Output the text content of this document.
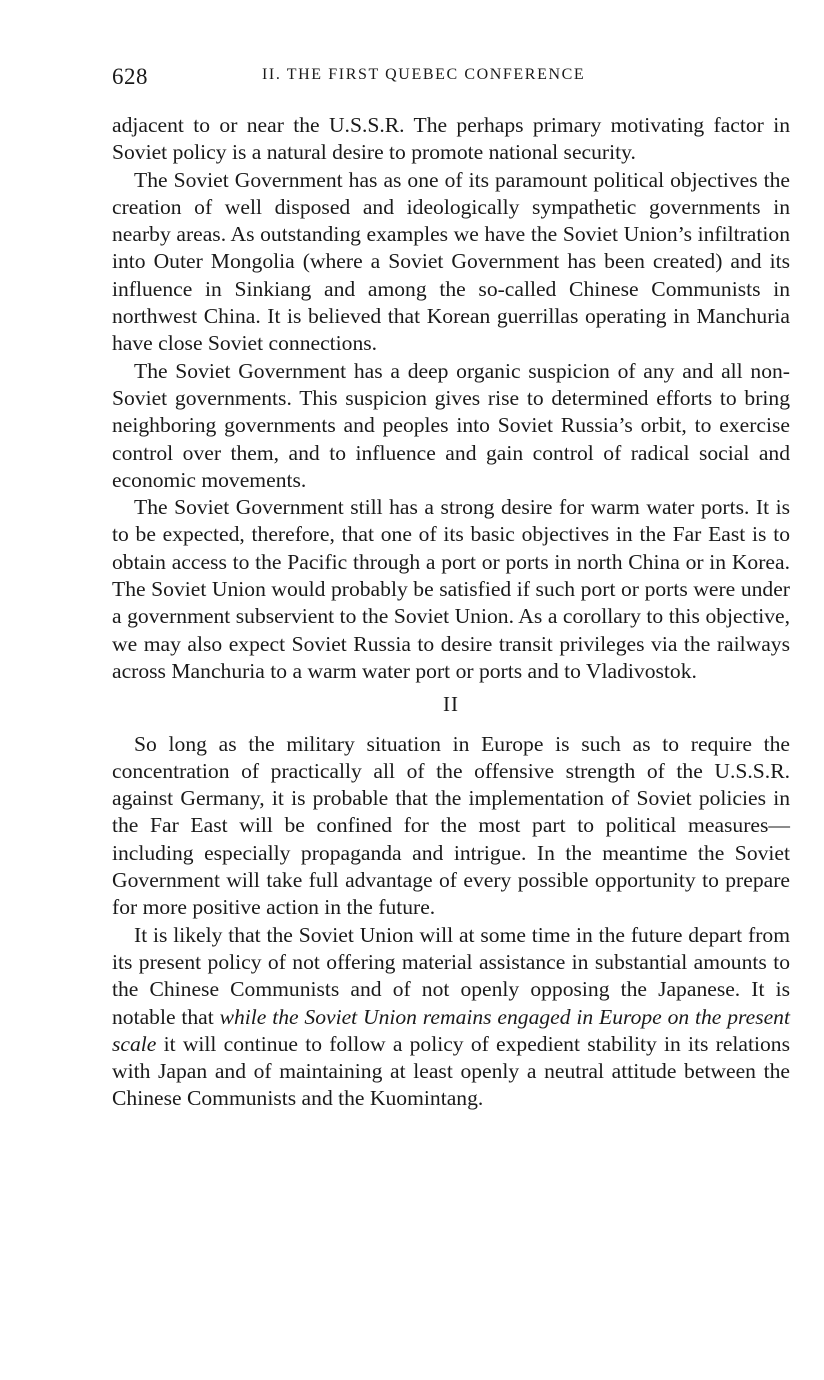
628	II. THE FIRST QUEBEC CONFERENCE

adjacent to or near the U.S.S.R. The perhaps primary motivating factor in Soviet policy is a natural desire to promote national security.

The Soviet Government has as one of its paramount political objectives the creation of well disposed and ideologically sympathetic governments in nearby areas. As outstanding examples we have the Soviet Union’s infiltration into Outer Mongolia (where a Soviet Government has been created) and its influence in Sinkiang and among the so-called Chinese Communists in northwest China. It is believed that Korean guerrillas operating in Manchuria have close Soviet connections.

The Soviet Government has a deep organic suspicion of any and all non-Soviet governments. This suspicion gives rise to determined efforts to bring neighboring governments and peoples into Soviet Russia’s orbit, to exercise control over them, and to influence and gain control of radical social and economic movements.

The Soviet Government still has a strong desire for warm water ports. It is to be expected, therefore, that one of its basic objectives in the Far East is to obtain access to the Pacific through a port or ports in north China or in Korea. The Soviet Union would probably be satisfied if such port or ports were under a government subservient to the Soviet Union. As a corollary to this objective, we may also expect Soviet Russia to desire transit privileges via the railways across Manchuria to a warm water port or ports and to Vladivostok.

II

So long as the military situation in Europe is such as to require the concentration of practically all of the offensive strength of the U.S.S.R. against Germany, it is probable that the implementation of Soviet policies in the Far East will be confined for the most part to political measures—including especially propaganda and intrigue. In the meantime the Soviet Government will take full advantage of every possible opportunity to prepare for more positive action in the future.

It is likely that the Soviet Union will at some time in the future depart from its present policy of not offering material assistance in substantial amounts to the Chinese Communists and of not openly opposing the Japanese. It is notable that while the Soviet Union remains engaged in Europe on the present scale it will continue to follow a policy of expedient stability in its relations with Japan and of maintaining at least openly a neutral attitude between the Chinese Communists and the Kuomintang.
